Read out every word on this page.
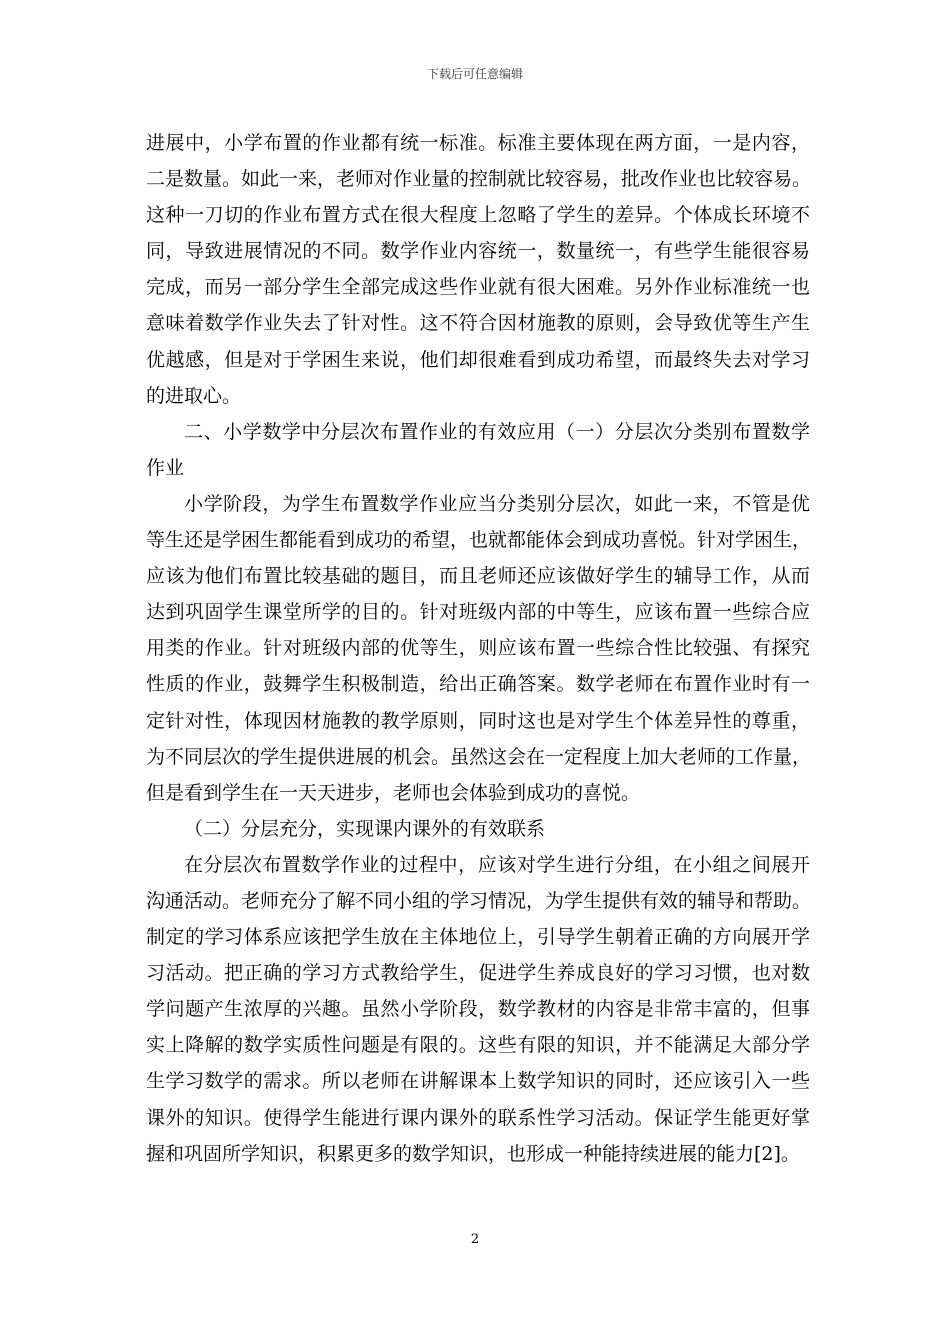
下载后可任意编辑
进展中，小学布置的作业都有统一标准。标准主要体现在两方面，一是内容，
二是数量。如此一来，老师对作业量的控制就比较容易，批改作业也比较容易。
这种一刀切的作业布置方式在很大程度上忽略了学生的差异。个体成长环境不
同，导致进展情况的不同。数学作业内容统一，数量统一，有些学生能很容易
完成，而另一部分学生全部完成这些作业就有很大困难。另外作业标准统一也
意味着数学作业失去了针对性。这不符合因材施教的原则，会导致优等生产生
优越感，但是对于学困生来说，他们却很难看到成功希望，而最终失去对学习
的进取心。
二、小学数学中分层次布置作业的有效应用（一）分层次分类别布置数学
作业
小学阶段，为学生布置数学作业应当分类别分层次，如此一来，不管是优
等生还是学困生都能看到成功的希望，也就都能体会到成功喜悦。针对学困生，
应该为他们布置比较基础的题目，而且老师还应该做好学生的辅导工作，从而
达到巩固学生课堂所学的目的。针对班级内部的中等生，应该布置一些综合应
用类的作业。针对班级内部的优等生，则应该布置一些综合性比较强、有探究
性质的作业，鼓舞学生积极制造，给出正确答案。数学老师在布置作业时有一
定针对性，体现因材施教的教学原则，同时这也是对学生个体差异性的尊重，
为不同层次的学生提供进展的机会。虽然这会在一定程度上加大老师的工作量，
但是看到学生在一天天进步，老师也会体验到成功的喜悦。
（二）分层充分，实现课内课外的有效联系
在分层次布置数学作业的过程中，应该对学生进行分组，在小组之间展开
沟通活动。老师充分了解不同小组的学习情况，为学生提供有效的辅导和帮助。
制定的学习体系应该把学生放在主体地位上，引导学生朝着正确的方向展开学
习活动。把正确的学习方式教给学生，促进学生养成良好的学习习惯，也对数
学问题产生浓厚的兴趣。虽然小学阶段，数学教材的内容是非常丰富的，但事
实上降解的数学实质性问题是有限的。这些有限的知识，并不能满足大部分学
生学习数学的需求。所以老师在讲解课本上数学知识的同时，还应该引入一些
课外的知识。使得学生能进行课内课外的联系性学习活动。保证学生能更好掌
握和巩固所学知识，积累更多的数学知识，也形成一种能持续进展的能力[2]。
2
